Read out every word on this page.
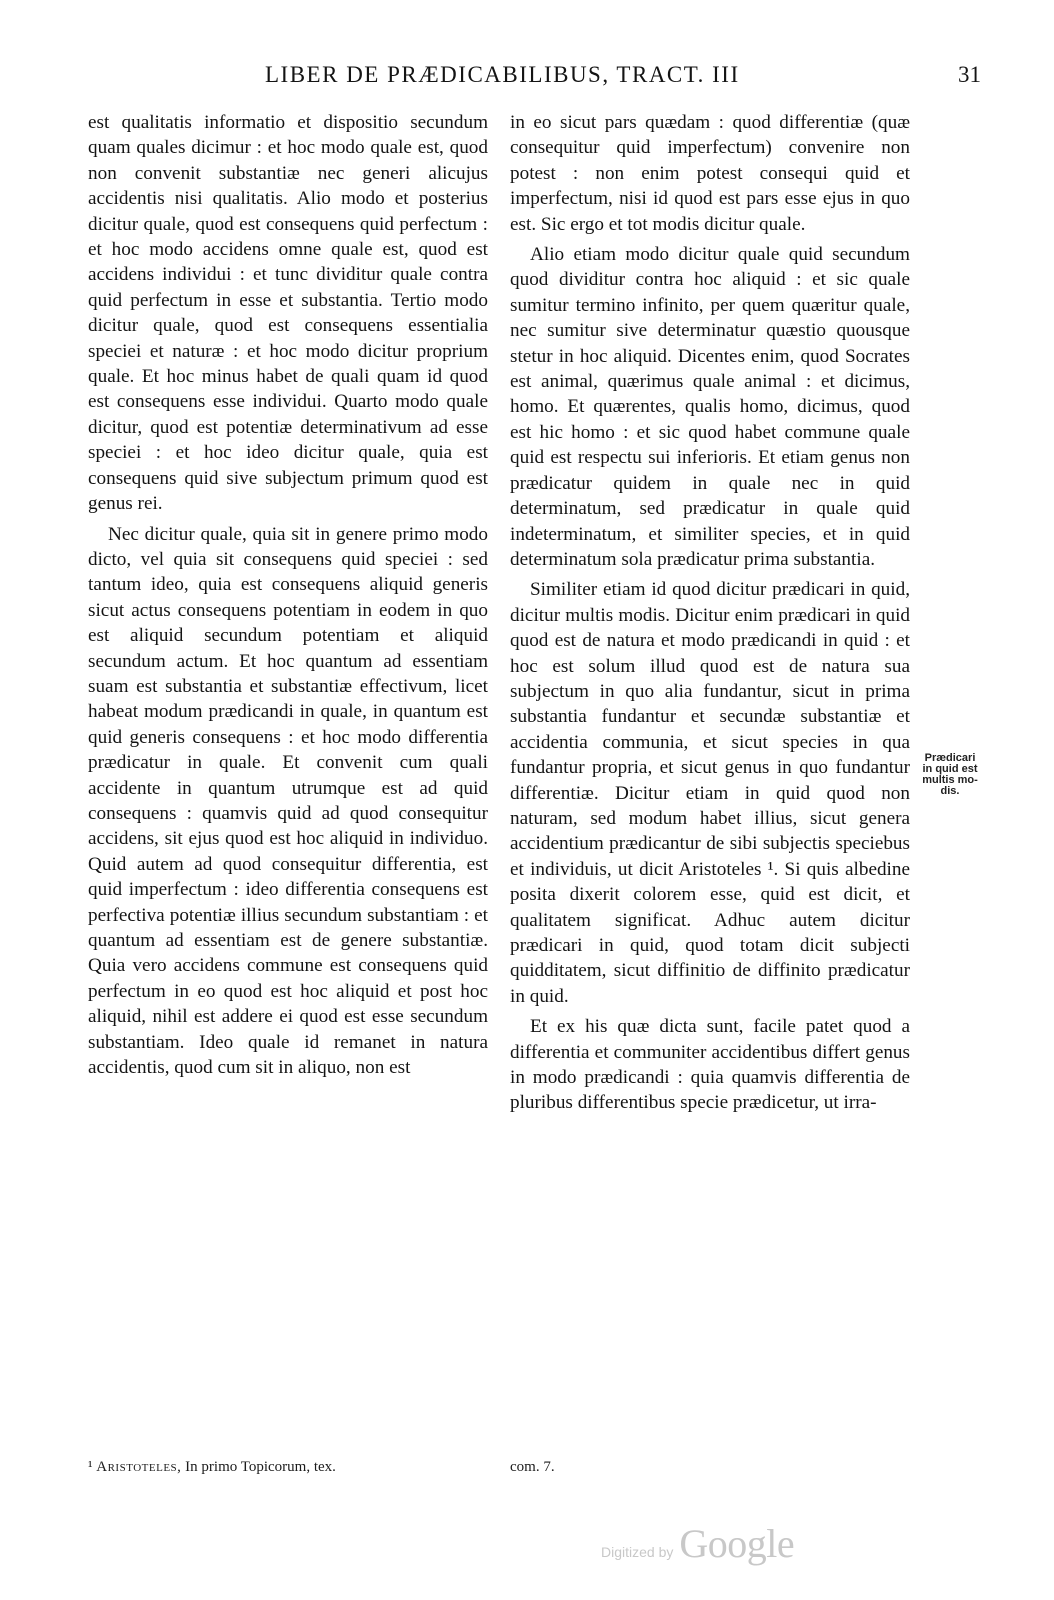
LIBER DE PRÆDICABILIBUS, TRACT. III	31

est qualitatis informatio et dispositio secundum quam quales dicimur : et hoc modo quale est, quod non convenit substantiæ nec generi alicujus accidentis nisi qualitatis. Alio modo et posterius dicitur quale, quod est consequens quid perfectum : et hoc modo accidens omne quale est, quod est accidens individui : et tunc dividitur quale contra quid perfectum in esse et substantia. Tertio modo dicitur quale, quod est consequens essentialia speciei et naturæ : et hoc modo dicitur proprium quale. Et hoc minus habet de quali quam id quod est consequens esse individui. Quarto modo quale dicitur, quod est potentiæ determinativum ad esse speciei : et hoc ideo dicitur quale, quia est consequens quid sive subjectum primum quod est genus rei.

Nec dicitur quale, quia sit in genere primo modo dicto, vel quia sit consequens quid speciei : sed tantum ideo, quia est consequens aliquid generis sicut actus consequens potentiam in eodem in quo est aliquid secundum potentiam et aliquid secundum actum. Et hoc quantum ad essentiam suam est substantia et substantiæ effectivum, licet habeat modum prædicandi in quale, in quantum est quid generis consequens : et hoc modo differentia prædicatur in quale. Et convenit cum quali accidente in quantum utrumque est ad quid consequens : quamvis quid ad quod consequitur accidens, sit ejus quod est hoc aliquid in individuo. Quid autem ad quod consequitur differentia, est quid imperfectum : ideo differentia consequens est perfectiva potentiæ illius secundum substantiam : et quantum ad essentiam est de genere substantiæ. Quia vero accidens commune est consequens quid perfectum in eo quod est hoc aliquid et post hoc aliquid, nihil est addere ei quod est esse secundum substantiam. Ideo quale id remanet in natura accidentis, quod cum sit in aliquo, non est

in eo sicut pars quædam : quod differentiæ (quæ consequitur quid imperfectum) convenire non potest : non enim potest consequi quid et imperfectum, nisi id quod est pars esse ejus in quo est. Sic ergo et tot modis dicitur quale.

Alio etiam modo dicitur quale quid secundum quod dividitur contra hoc aliquid : et sic quale sumitur termino infinito, per quem quæritur quale, nec sumitur sive determinatur quæstio quousque stetur in hoc aliquid. Dicentes enim, quod Socrates est animal, quærimus quale animal : et dicimus, homo. Et quærentes, qualis homo, dicimus, quod est hic homo : et sic quod habet commune quale quid est respectu sui inferioris. Et etiam genus non prædicatur quidem in quale nec in quid determinatum, sed prædicatur in quale quid indeterminatum, et similiter species, et in quid determinatum sola prædicatur prima substantia.

Similiter etiam id quod dicitur prædicari in quid, dicitur multis modis. Dicitur enim prædicari in quid quod est de natura et modo prædicandi in quid : et hoc est solum illud quod est de natura sua subjectum in quo alia fundantur, sicut in prima substantia fundantur et secundæ substantiæ et accidentia communia, et sicut species in qua fundantur propria, et sicut genus in quo fundantur differentiæ. Dicitur etiam in quid quod non naturam, sed modum habet illius, sicut genera accidentium prædicantur de sibi subjectis speciebus et individuis, ut dicit Aristoteles ¹. Si quis albedine posita dixerit colorem esse, quid est dicit, et qualitatem significat. Adhuc autem dicitur prædicari in quid, quod totam dicit subjecti quidditatem, sicut diffinitio de diffinito prædicatur in quid.

Et ex his quæ dicta sunt, facile patet quod a differentia et communiter accidentibus differt genus in modo prædicandi : quia quamvis differentia de pluribus differentibus specie prædicetur, ut irra-

Prædicari
in quid est
multis mo-
dis.
¹ Aristoteles, In primo Topicorum, tex.	com. 7.
Digitized by Google
